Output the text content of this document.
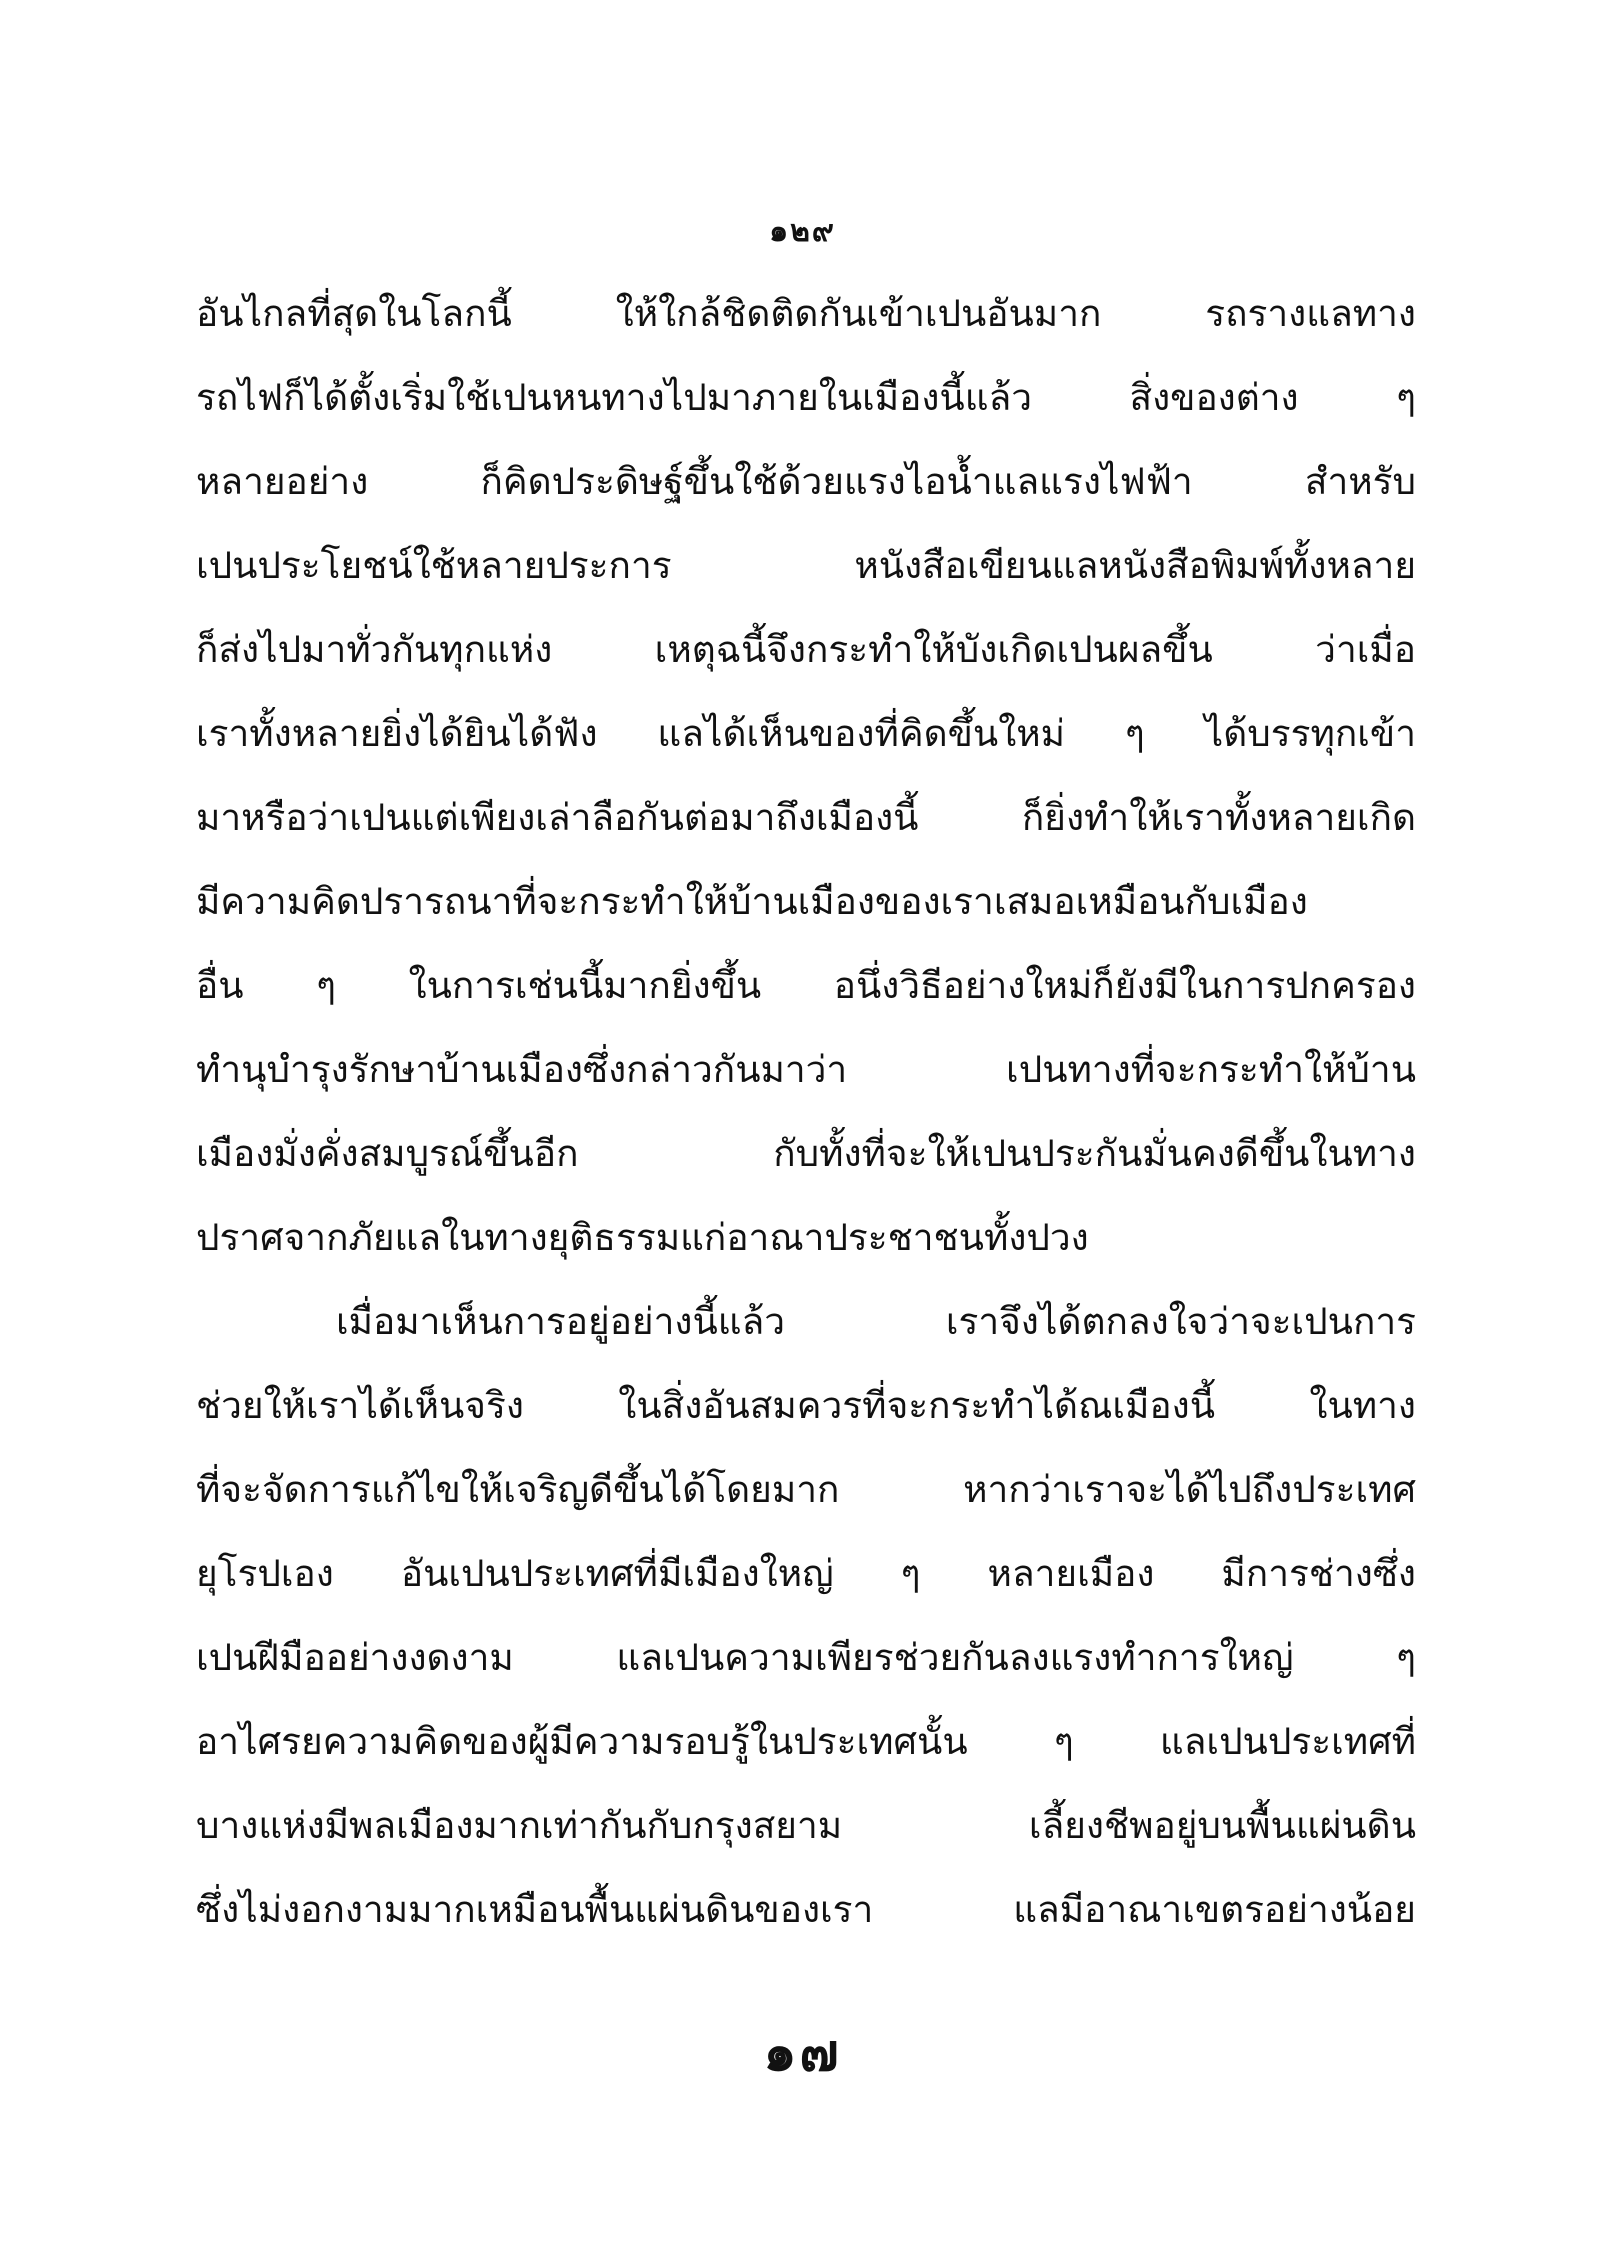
๑๒๙
อันไกลที่สุดในโลกนี้ ให้ใกล้ชิดติดกันเข้าเปนอันมาก รถรางแลทาง
รถไฟก็ได้ตั้งเริ่มใช้เปนหนทางไปมาภายในเมืองนี้แล้ว สิ่งของต่าง ๆ
หลายอย่าง ก็คิดประดิษฐ์ขึ้นใช้ด้วยแรงไอน้ำแลแรงไฟฟ้า สำหรับ
เปนประโยชน์ใช้หลายประการ หนังสือเขียนแลหนังสือพิมพ์ทั้งหลาย
ก็ส่งไปมาทั่วกันทุกแห่ง เหตุฉนี้จึงกระทำให้บังเกิดเปนผลขึ้น ว่าเมื่อ
เราทั้งหลายยิ่งได้ยินได้ฟัง แลได้เห็นของที่คิดขึ้นใหม่ ๆ ได้บรรทุกเข้า
มาหรือว่าเปนแต่เพียงเล่าลือกันต่อมาถึงเมืองนี้ ก็ยิ่งทำให้เราทั้งหลายเกิด
มีความคิดปรารถนาที่จะกระทำให้บ้านเมืองของเราเสมอเหมือนกับเมือง
อื่น ๆ ในการเช่นนี้มากยิ่งขึ้น อนึ่งวิธีอย่างใหม่ก็ยังมีในการปกครอง
ทำนุบำรุงรักษาบ้านเมืองซึ่งกล่าวกันมาว่า เปนทางที่จะกระทำให้บ้าน
เมืองมั่งคั่งสมบูรณ์ขึ้นอีก กับทั้งที่จะให้เปนประกันมั่นคงดีขึ้นในทาง
ปราศจากภัยแลในทางยุติธรรมแก่อาณาประชาชนทั้งปวง
เมื่อมาเห็นการอยู่อย่างนี้แล้ว เราจึงได้ตกลงใจว่าจะเปนการ
ช่วยให้เราได้เห็นจริง ในสิ่งอันสมควรที่จะกระทำได้ณเมืองนี้ ในทาง
ที่จะจัดการแก้ไขให้เจริญดีขึ้นได้โดยมาก หากว่าเราจะได้ไปถึงประเทศ
ยุโรปเอง อันเปนประเทศที่มีเมืองใหญ่ ๆ หลายเมือง มีการช่างซึ่ง
เปนฝีมืออย่างงดงาม แลเปนความเพียรช่วยกันลงแรงทำการใหญ่ ๆ
อาไศรยความคิดของผู้มีความรอบรู้ในประเทศนั้น ๆ แลเปนประเทศที่
บางแห่งมีพลเมืองมากเท่ากันกับกรุงสยาม เลี้ยงชีพอยู่บนพื้นแผ่นดิน
ซึ่งไม่งอกงามมากเหมือนพื้นแผ่นดินของเรา แลมีอาณาเขตรอย่างน้อย
๑๗
